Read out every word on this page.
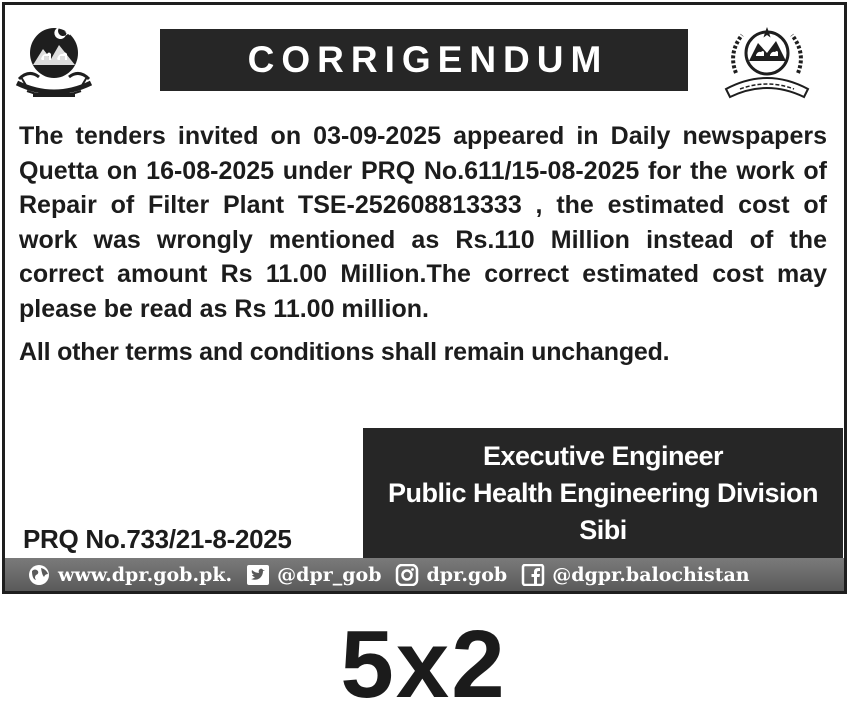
CORRIGENDUM

The tenders invited on 03-09-2025 appeared in Daily newspapers Quetta on 16-08-2025 under PRQ No.611/15-08-2025 for the work of Repair of Filter Plant TSE-252608813333 , the estimated cost of work was wrongly mentioned as Rs.110 Million instead of the correct amount Rs 11.00 Million.The correct estimated cost may please be read as Rs 11.00 million.

All other terms and conditions shall remain unchanged.

Executive Engineer
Public Health Engineering Division
Sibi
PRQ No.733/21-8-2025
www.dpr.gob.pk. @dpr_gob dpr.gob @dgpr.balochistan
5x2
